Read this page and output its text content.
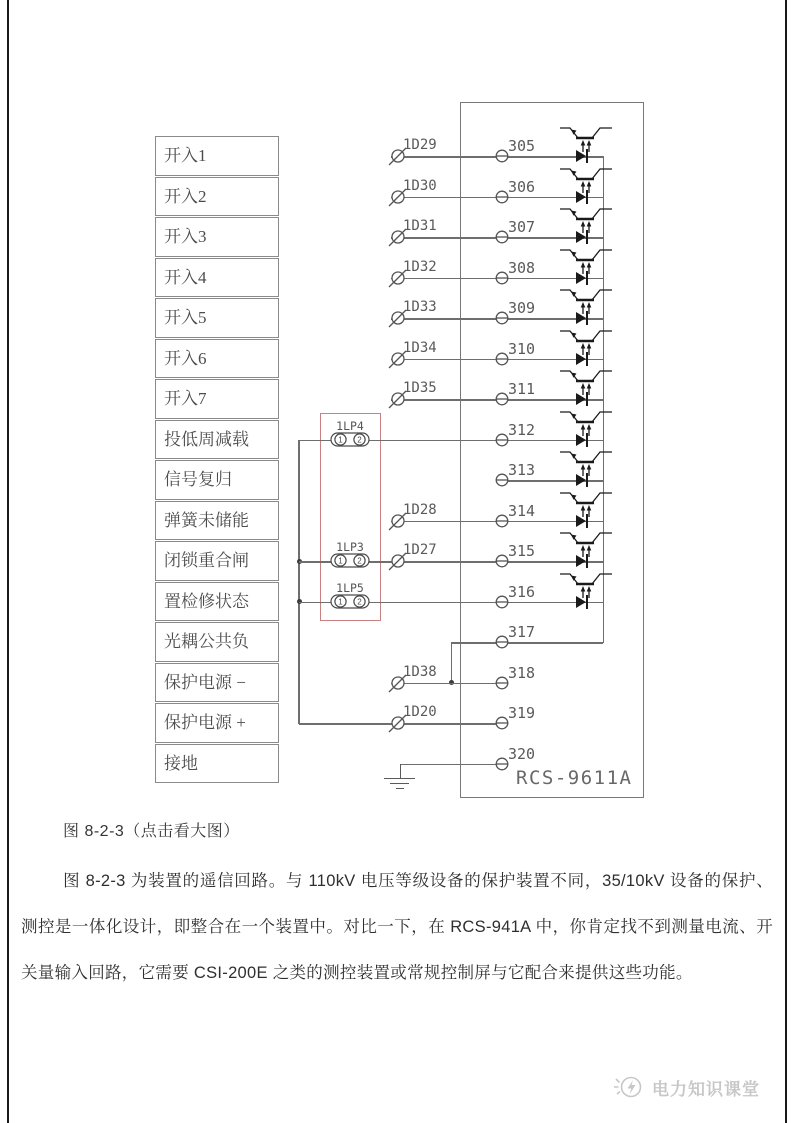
开入1
开入2
开入3
开入4
开入5
开入6
开入7
投低周减载
信号复归
弹簧未储能
闭锁重合闸
置检修状态
光耦公共负
保护电源 −
保护电源 +
接地
RCS-9611A
1D29	305
1D30	306
1D31	307
1D32	308
1D33	309
1D34	310
1D35	311
1LP4
1 2
312
313
1D28	314
1LP3
1 2
1D27	315
1LP5
1 2
316
317
1D38	318
1D20	319
320
图 8-2-3（点击看大图）
图 8-2-3 为装置的遥信回路。与 110kV 电压等级设备的保护装置不同，35/10kV 设备的保护、测控是一体化设计，即整合在一个装置中。对比一下，在 RCS-941A 中，你肯定找不到测量电流、开关量输入回路，它需要 CSI-200E 之类的测控装置或常规控制屏与它配合来提供这些功能。
电力知识课堂
